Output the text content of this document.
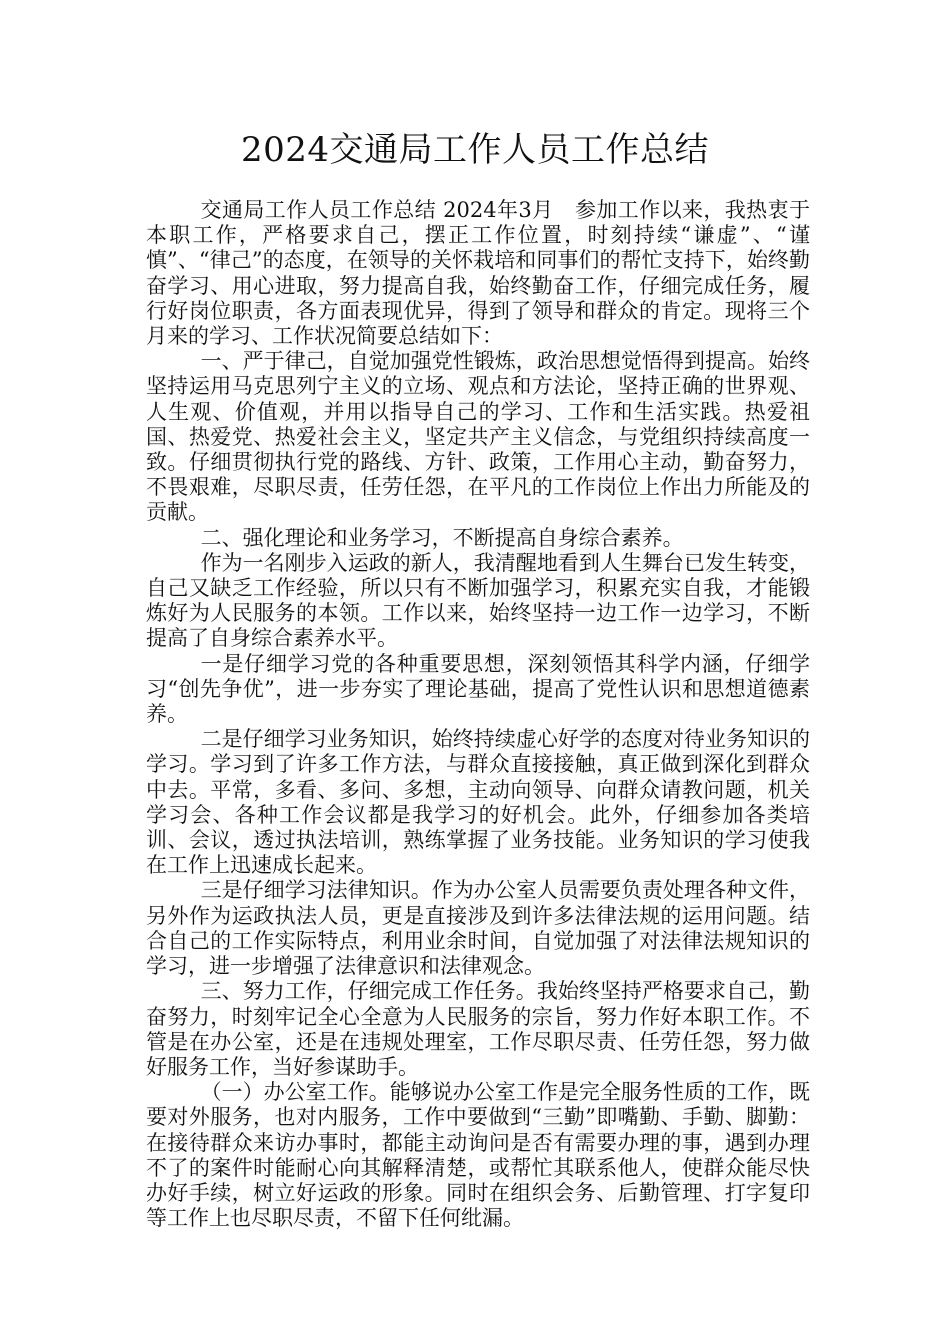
2024交通局工作人员工作总结

交通局工作人员工作总结 2024年3月　参加工作以来，我热衷于本职工作，严格要求自己，摆正工作位置，时刻持续“谦虚”、“谨慎”、“律己”的态度，在领导的关怀栽培和同事们的帮忙支持下，始终勤奋学习、用心进取，努力提高自我，始终勤奋工作，仔细完成任务，履行好岗位职责，各方面表现优异，得到了领导和群众的肯定。现将三个月来的学习、工作状况简要总结如下：

一、严于律己，自觉加强党性锻炼，政治思想觉悟得到提高。始终坚持运用马克思列宁主义的立场、观点和方法论，坚持正确的世界观、人生观、价值观，并用以指导自己的学习、工作和生活实践。热爱祖国、热爱党、热爱社会主义，坚定共产主义信念，与党组织持续高度一致。仔细贯彻执行党的路线、方针、政策，工作用心主动，勤奋努力，不畏艰难，尽职尽责，任劳任怨，在平凡的工作岗位上作出力所能及的贡献。

二、强化理论和业务学习，不断提高自身综合素养。

作为一名刚步入运政的新人，我清醒地看到人生舞台已发生转变，自己又缺乏工作经验，所以只有不断加强学习，积累充实自我，才能锻炼好为人民服务的本领。工作以来，始终坚持一边工作一边学习，不断提高了自身综合素养水平。

一是仔细学习党的各种重要思想，深刻领悟其科学内涵，仔细学习“创先争优”，进一步夯实了理论基础，提高了党性认识和思想道德素养。

二是仔细学习业务知识，始终持续虚心好学的态度对待业务知识的学习。学习到了许多工作方法，与群众直接接触，真正做到深化到群众中去。平常，多看、多问、多想，主动向领导、向群众请教问题，机关学习会、各种工作会议都是我学习的好机会。此外，仔细参加各类培训、会议，透过执法培训，熟练掌握了业务技能。业务知识的学习使我在工作上迅速成长起来。

三是仔细学习法律知识。作为办公室人员需要负责处理各种文件，另外作为运政执法人员，更是直接涉及到许多法律法规的运用问题。结合自己的工作实际特点，利用业余时间，自觉加强了对法律法规知识的学习，进一步增强了法律意识和法律观念。

三、努力工作，仔细完成工作任务。我始终坚持严格要求自己，勤奋努力，时刻牢记全心全意为人民服务的宗旨，努力作好本职工作。不管是在办公室，还是在违规处理室，工作尽职尽责、任劳任怨，努力做好服务工作，当好参谋助手。

（一）办公室工作。能够说办公室工作是完全服务性质的工作，既要对外服务，也对内服务，工作中要做到“三勤”即嘴勤、手勤、脚勤：在接待群众来访办事时，都能主动询问是否有需要办理的事，遇到办理不了的案件时能耐心向其解释清楚，或帮忙其联系他人，使群众能尽快办好手续，树立好运政的形象。同时在组织会务、后勤管理、打字复印等工作上也尽职尽责，不留下任何纰漏。
